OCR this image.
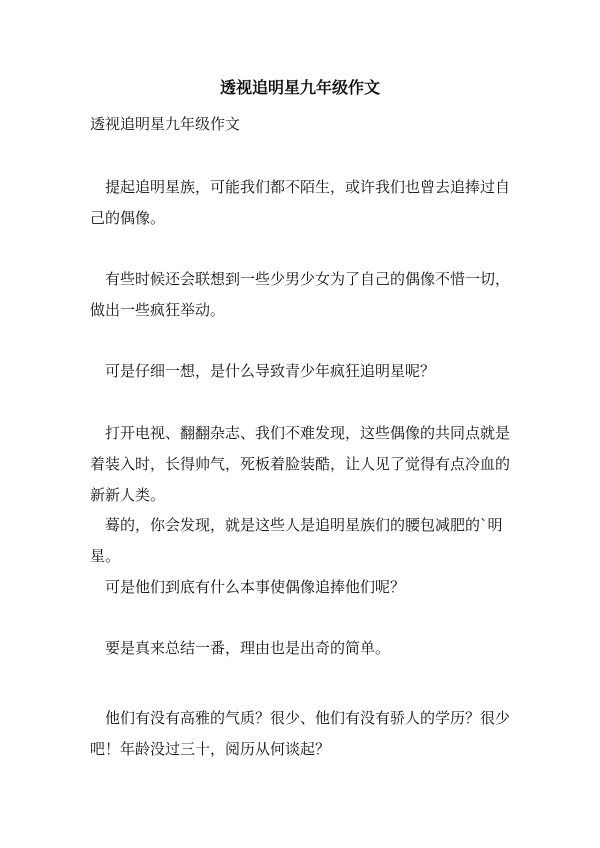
透视追明星九年级作文
透视追明星九年级作文
提起追明星族，可能我们都不陌生，或许我们也曾去追捧过自己的偶像。
有些时候还会联想到一些少男少女为了自己的偶像不惜一切，做出一些疯狂举动。
可是仔细一想，是什么导致青少年疯狂追明星呢？
打开电视、翻翻杂志、我们不难发现，这些偶像的共同点就是着装入时，长得帅气，死板着脸装酷，让人见了觉得有点冷血的新新人类。
蓦的，你会发现，就是这些人是追明星族们的腰包减肥的`明星。
可是他们到底有什么本事使偶像追捧他们呢？
要是真来总结一番，理由也是出奇的简单。
他们有没有高雅的气质？很少、他们有没有骄人的学历？很少吧！年龄没过三十，阅历从何谈起？
